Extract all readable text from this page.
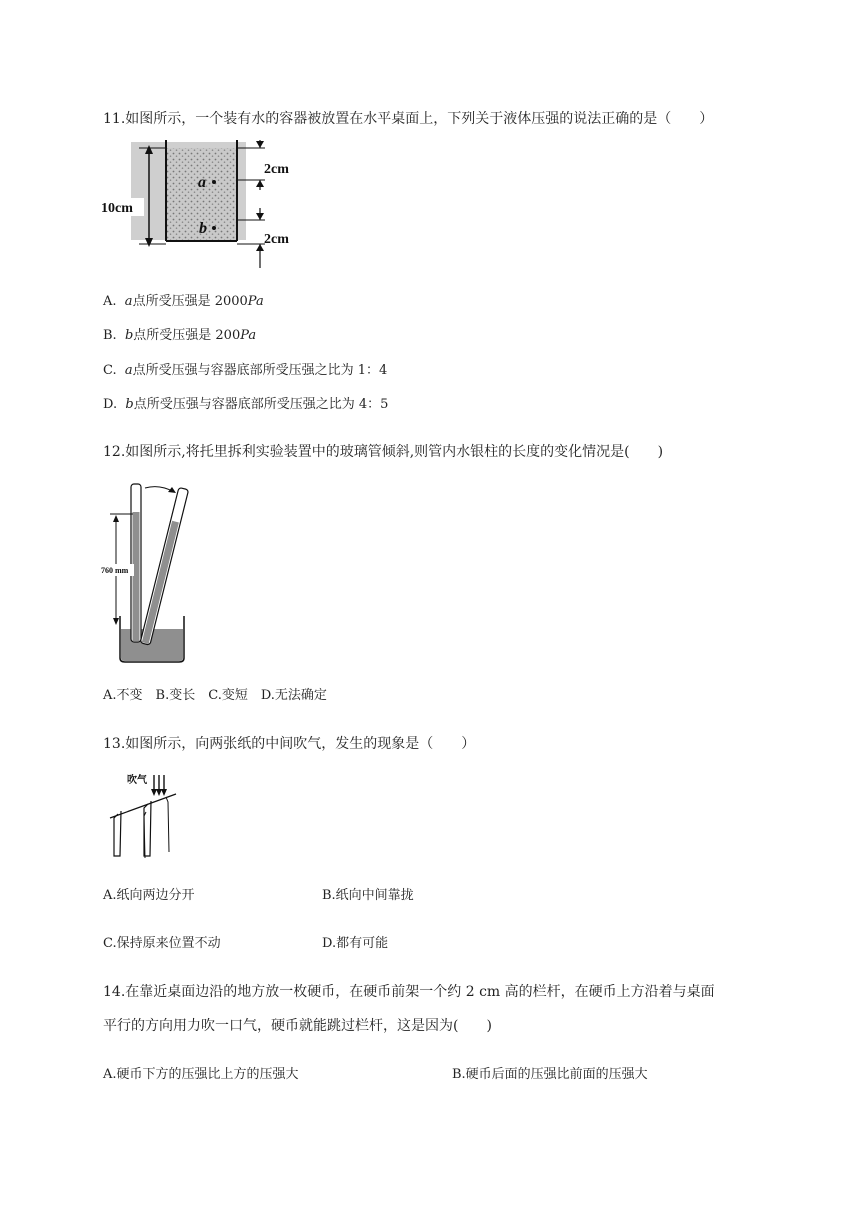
11.如图所示，一个装有水的容器被放置在水平桌面上，下列关于液体压强的说法正确的是（　　）
10cm
2cm
2cm
a
b
A. a点所受压强是 2000Pa
B. b点所受压强是 200Pa
C. a点所受压强与容器底部所受压强之比为 1：4
D. b点所受压强与容器底部所受压强之比为 4：5
12.如图所示,将托里拆利实验装置中的玻璃管倾斜,则管内水银柱的长度的变化情况是(　　)
760 mm
A.不变　B.变长　C.变短　D.无法确定
13.如图所示，向两张纸的中间吹气，发生的现象是（　　）
吹气
A.纸向两边分开	B.纸向中间靠拢
C.保持原来位置不动	D.都有可能
14.在靠近桌面边沿的地方放一枚硬币，在硬币前架一个约 2 cm 高的栏杆，在硬币上方沿着与桌面
平行的方向用力吹一口气，硬币就能跳过栏杆，这是因为(　　)
A.硬币下方的压强比上方的压强大	B.硬币后面的压强比前面的压强大
